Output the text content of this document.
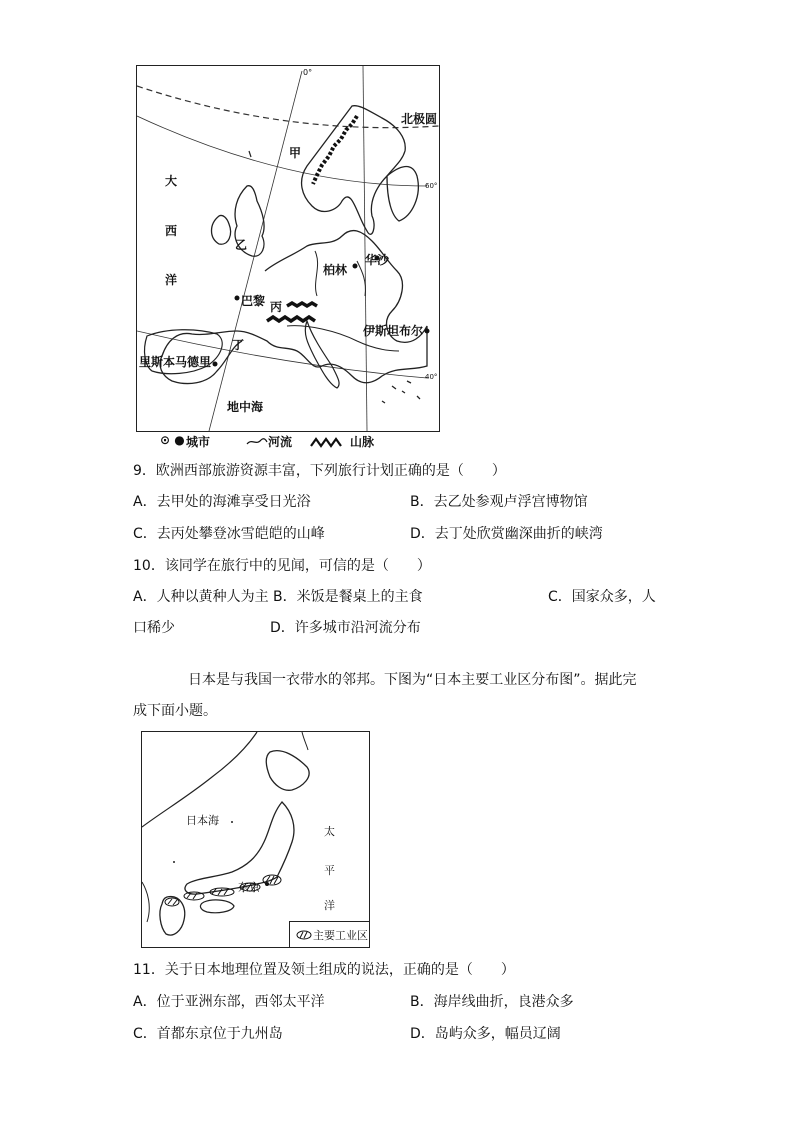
0°
北极圆
60°
40°
甲
乙
丙
丁
大
西
洋
柏林
华沙
巴黎
伊斯坦布尔
里斯本马德里
地中海
⊙ ● 城市	河流	山脉
9．欧洲西部旅游资源丰富，下列旅行计划正确的是（　　）
A．去甲处的海滩享受日光浴	B．去乙处参观卢浮宫博物馆
C．去丙处攀登冰雪皑皑的山峰	D．去丁处欣赏幽深曲折的峡湾
10．该同学在旅行中的见闻，可信的是（　　）
A．人种以黄种人为主 B．米饭是餐桌上的主食	C．国家众多，人
口稀少	D．许多城市沿河流分布
日本是与我国一衣带水的邻邦。下图为“日本主要工业区分布图”。据此完
成下面小题。
日本海
太
平
洋
东京
主要工业区
11．关于日本地理位置及领土组成的说法，正确的是（　　）
A．位于亚洲东部，西邻太平洋	B．海岸线曲折，良港众多
C．首都东京位于九州岛	D．岛屿众多，幅员辽阔
